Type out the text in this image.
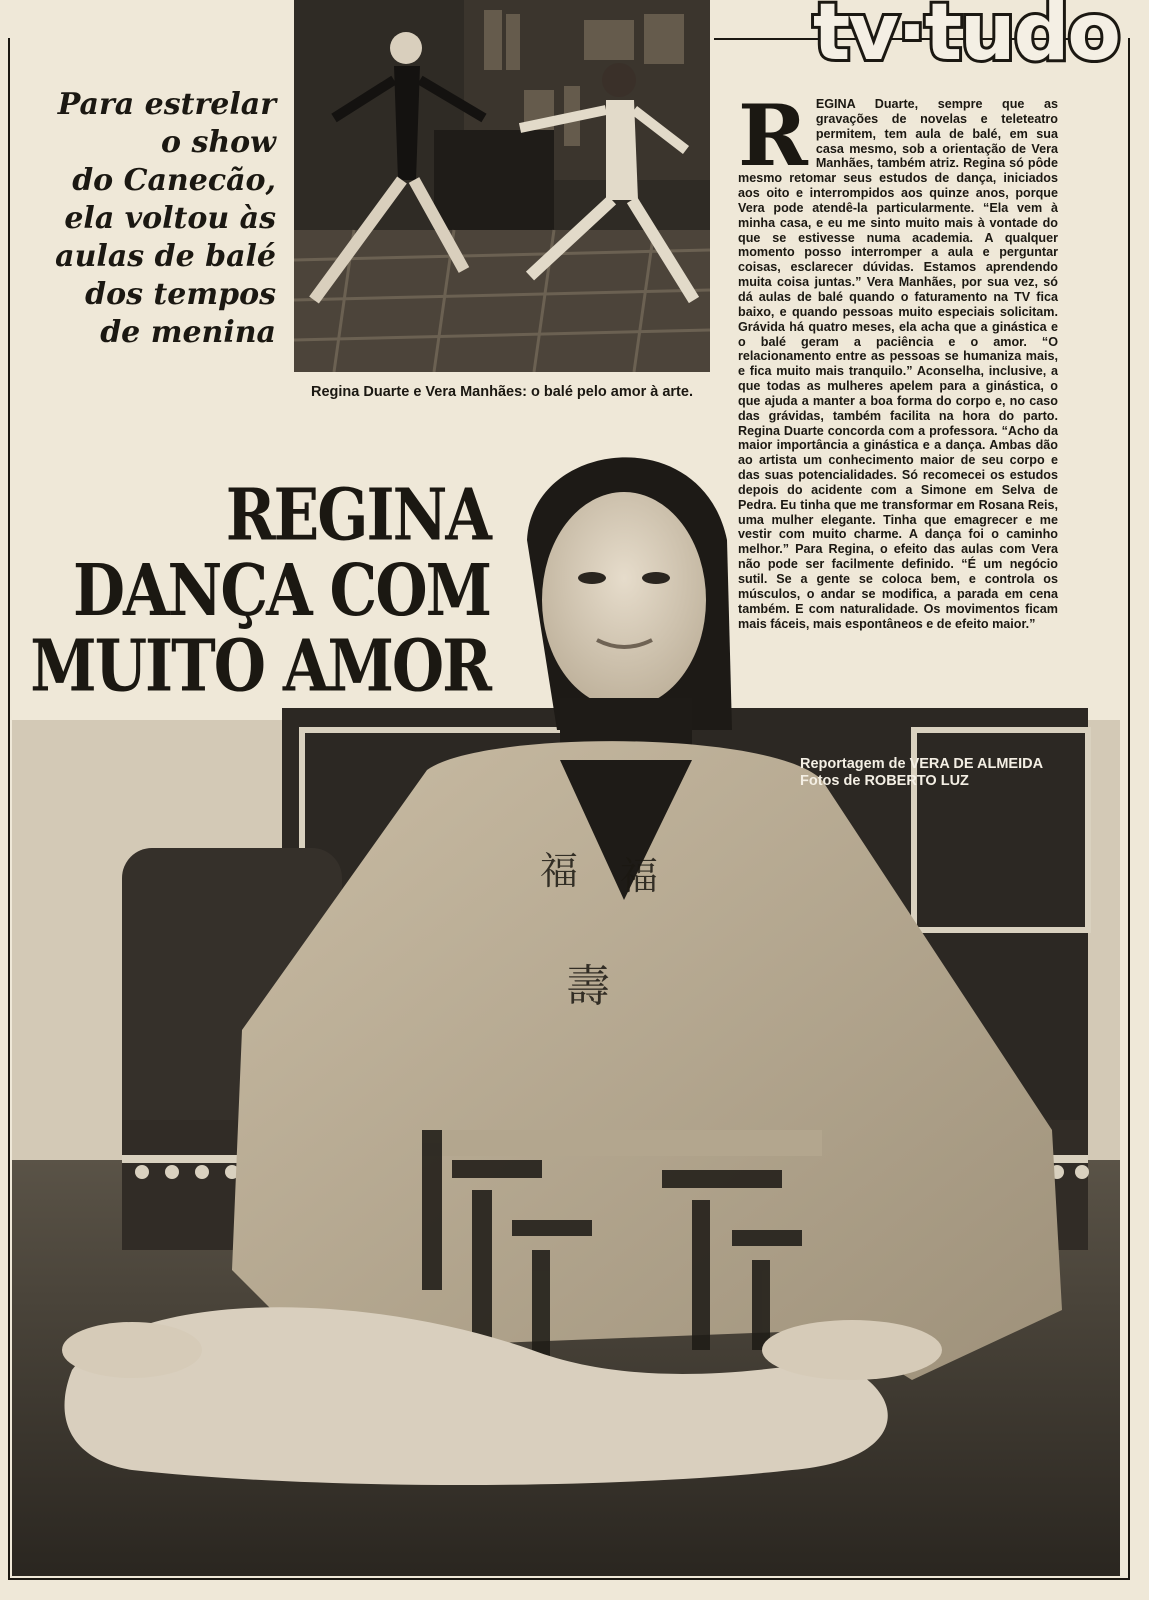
福 福
壽
Regina Duarte e Vera Manhães: o balé pelo amor à arte.
tv·tudo
Para estrelar
o show
do Canecão,
ela voltou às
aulas de balé
dos tempos
de menina
REGINA
DANÇA COM
MUITO AMOR
REGINA Duarte, sempre que as gravações de novelas e teleteatro permitem, tem aula de balé, em sua casa mesmo, sob a orientação de Vera Manhães, também atriz. Regina só pôde mesmo retomar seus estudos de dança, iniciados aos oito e interrompidos aos quinze anos, porque Vera pode atendê-la particularmente. “Ela vem à minha casa, e eu me sinto muito mais à vontade do que se estivesse numa academia. A qualquer momento posso interromper a aula e perguntar coisas, esclarecer dúvidas. Estamos aprendendo muita coisa juntas.” Vera Manhães, por sua vez, só dá aulas de balé quando o faturamento na TV fica baixo, e quando pessoas muito especiais solicitam. Grávida há quatro meses, ela acha que a ginástica e o balé geram a paciência e o amor. “O relacionamento entre as pessoas se humaniza mais, e fica muito mais tranquilo.” Aconselha, inclusive, a que todas as mulheres apelem para a ginástica, o que ajuda a manter a boa forma do corpo e, no caso das grávidas, também facilita na hora do parto. Regina Duarte concorda com a professora. “Acho da maior importância a ginástica e a dança. Ambas dão ao artista um conhecimento maior de seu corpo e das suas potencialidades. Só recomecei os estudos depois do acidente com a Simone em Selva de Pedra. Eu tinha que me transformar em Rosana Reis, uma mulher elegante. Tinha que emagrecer e me vestir com muito charme. A dança foi o caminho melhor.” Para Regina, o efeito das aulas com Vera não pode ser facilmente definido. “É um negócio sutil. Se a gente se coloca bem, e controla os músculos, o andar se modifica, a parada em cena também. E com naturalidade. Os movimentos ficam mais fáceis, mais espontâneos e de efeito maior.”
Reportagem de VERA DE ALMEIDA
Fotos de ROBERTO LUZ
